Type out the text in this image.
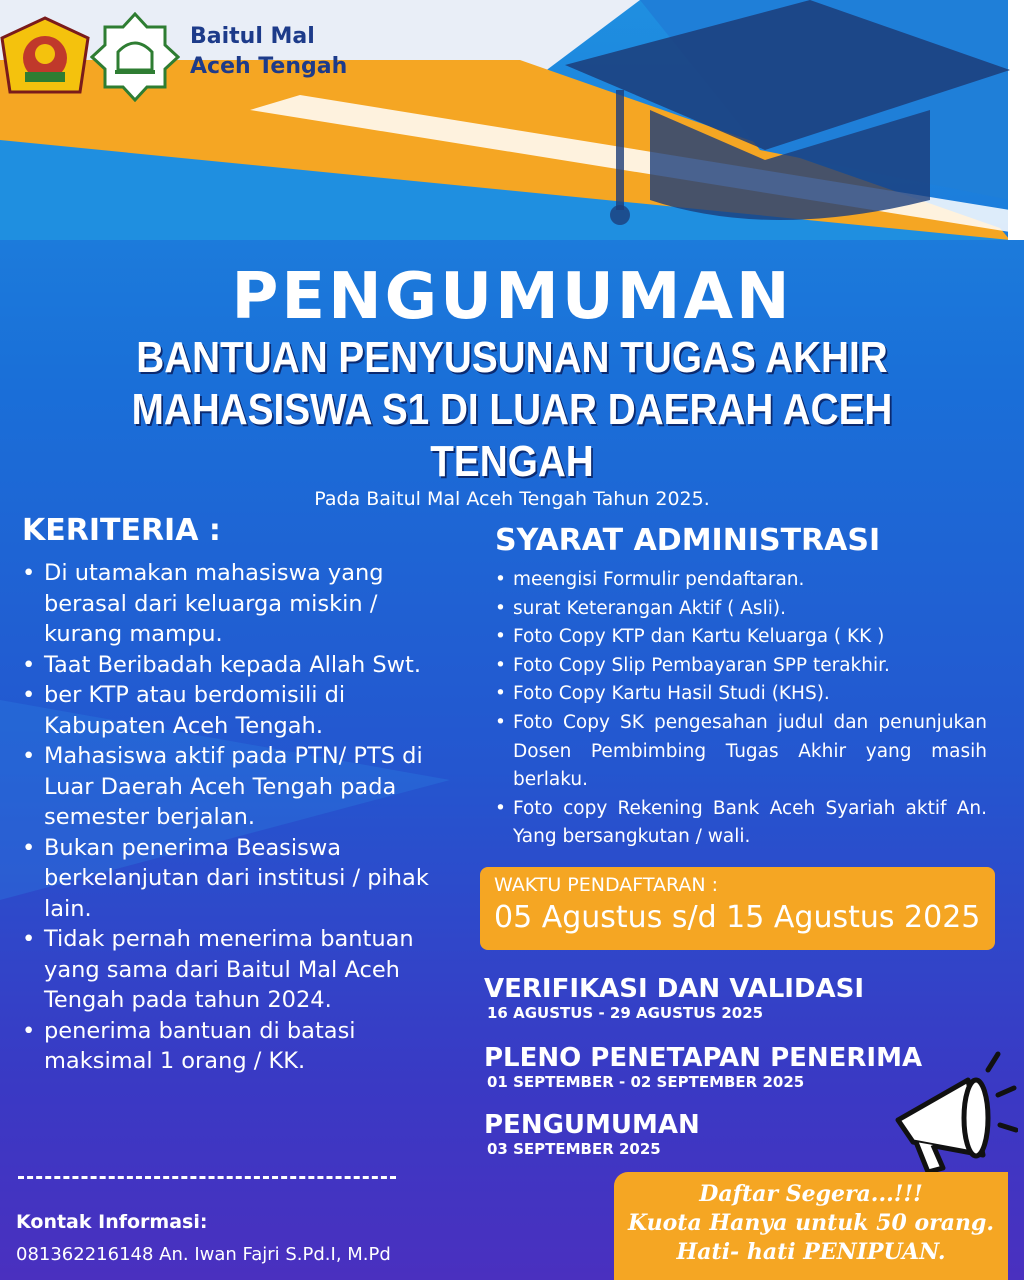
Baitul Mal
Aceh Tengah
PENGUMUMAN
BANTUAN PENYUSUNAN TUGAS AKHIR
MAHASISWA S1 DI LUAR DAERAH ACEH TENGAH
Pada Baitul Mal Aceh Tengah Tahun 2025.
KERITERIA :
• Di utamakan mahasiswa yang berasal dari keluarga miskin / kurang mampu.
• Taat Beribadah kepada Allah Swt.
• ber KTP atau berdomisili di Kabupaten Aceh Tengah.
• Mahasiswa aktif pada PTN/ PTS di Luar Daerah Aceh Tengah pada semester berjalan.
• Bukan penerima Beasiswa berkelanjutan dari institusi / pihak lain.
• Tidak pernah menerima bantuan yang sama dari Baitul Mal Aceh Tengah pada tahun 2024.
• penerima bantuan di batasi maksimal 1 orang / KK.
SYARAT ADMINISTRASI
• meengisi Formulir pendaftaran.
• surat Keterangan Aktif ( Asli).
• Foto Copy KTP dan Kartu Keluarga ( KK )
• Foto Copy Slip Pembayaran SPP terakhir.
• Foto Copy Kartu Hasil Studi (KHS).
• Foto Copy SK pengesahan judul dan penunjukan Dosen Pembimbing Tugas Akhir yang masih berlaku.
• Foto copy Rekening Bank Aceh Syariah aktif An. Yang bersangkutan / wali.
WAKTU PENDAFTARAN :
05 Agustus s/d 15 Agustus 2025
VERIFIKASI DAN VALIDASI
16 AGUSTUS - 29 AGUSTUS 2025
PLENO PENETAPAN PENERIMA
01 SEPTEMBER - 02 SEPTEMBER 2025
PENGUMUMAN
03 SEPTEMBER 2025
Kontak Informasi:
081362216148 An. Iwan Fajri S.Pd.I, M.Pd
Daftar Segera...!!!
Kuota Hanya untuk 50 orang.
Hati- hati PENIPUAN.
